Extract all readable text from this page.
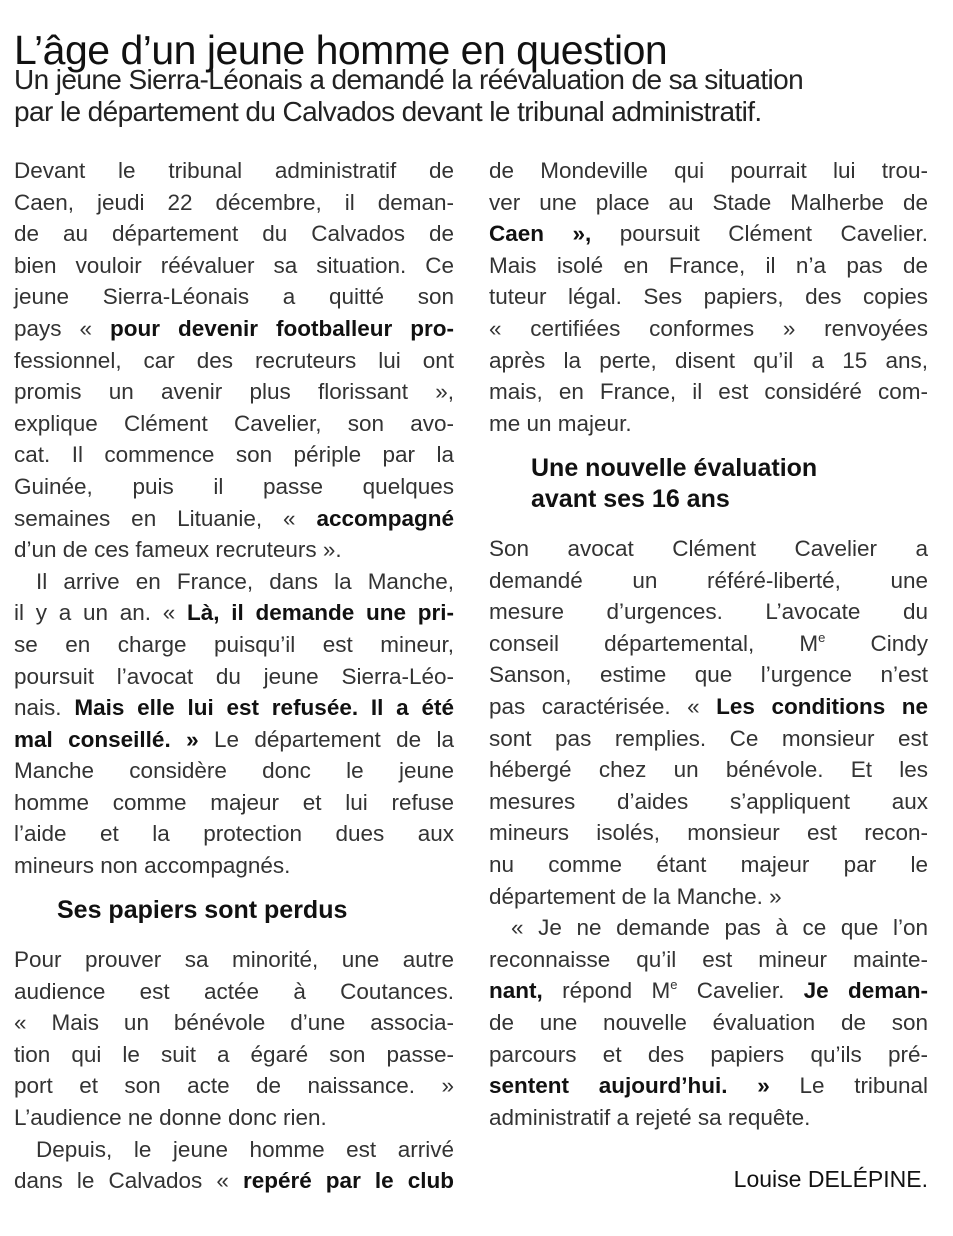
L’âge d’un jeune homme en question
Un jeune Sierra-Léonais a demandé la réévaluation de sa situation
par le département du Calvados devant le tribunal administratif.
Devant le tribunal administratif de
Caen, jeudi 22 décembre, il deman-
de au département du Calvados de
bien vouloir réévaluer sa situation. Ce
jeune Sierra-Léonais a quitté son
pays « pour devenir footballeur pro-
fessionnel, car des recruteurs lui ont
promis un avenir plus florissant »,
explique Clément Cavelier, son avo-
cat. Il commence son périple par la
Guinée, puis il passe quelques
semaines en Lituanie, « accompagné
d’un de ces fameux recruteurs ».
Il arrive en France, dans la Manche,
il y a un an. « Là, il demande une pri-
se en charge puisqu’il est mineur,
poursuit l’avocat du jeune Sierra-Léo-
nais. Mais elle lui est refusée. Il a été
mal conseillé. » Le département de la
Manche considère donc le jeune
homme comme majeur et lui refuse
l’aide et la protection dues aux
mineurs non accompagnés.
Ses papiers sont perdus
Pour prouver sa minorité, une autre
audience est actée à Coutances.
« Mais un bénévole d’une associa-
tion qui le suit a égaré son passe-
port et son acte de naissance. »
L’audience ne donne donc rien.
Depuis, le jeune homme est arrivé
dans le Calvados « repéré par le club
de Mondeville qui pourrait lui trou-
ver une place au Stade Malherbe de
Caen », poursuit Clément Cavelier.
Mais isolé en France, il n’a pas de
tuteur légal. Ses papiers, des copies
« certifiées conformes » renvoyées
après la perte, disent qu’il a 15 ans,
mais, en France, il est considéré com-
me un majeur.
Une nouvelle évaluation
avant ses 16 ans
Son avocat Clément Cavelier a
demandé un référé-liberté, une
mesure d’urgences. L’avocate du
conseil départemental, Me Cindy
Sanson, estime que l’urgence n’est
pas caractérisée. « Les conditions ne
sont pas remplies. Ce monsieur est
hébergé chez un bénévole. Et les
mesures d’aides s’appliquent aux
mineurs isolés, monsieur est recon-
nu comme étant majeur par le
département de la Manche. »
« Je ne demande pas à ce que l’on
reconnaisse qu’il est mineur mainte-
nant, répond Me Cavelier. Je deman-
de une nouvelle évaluation de son
parcours et des papiers qu’ils pré-
sentent aujourd’hui. » Le tribunal
administratif a rejeté sa requête.
Louise DELÉPINE.
